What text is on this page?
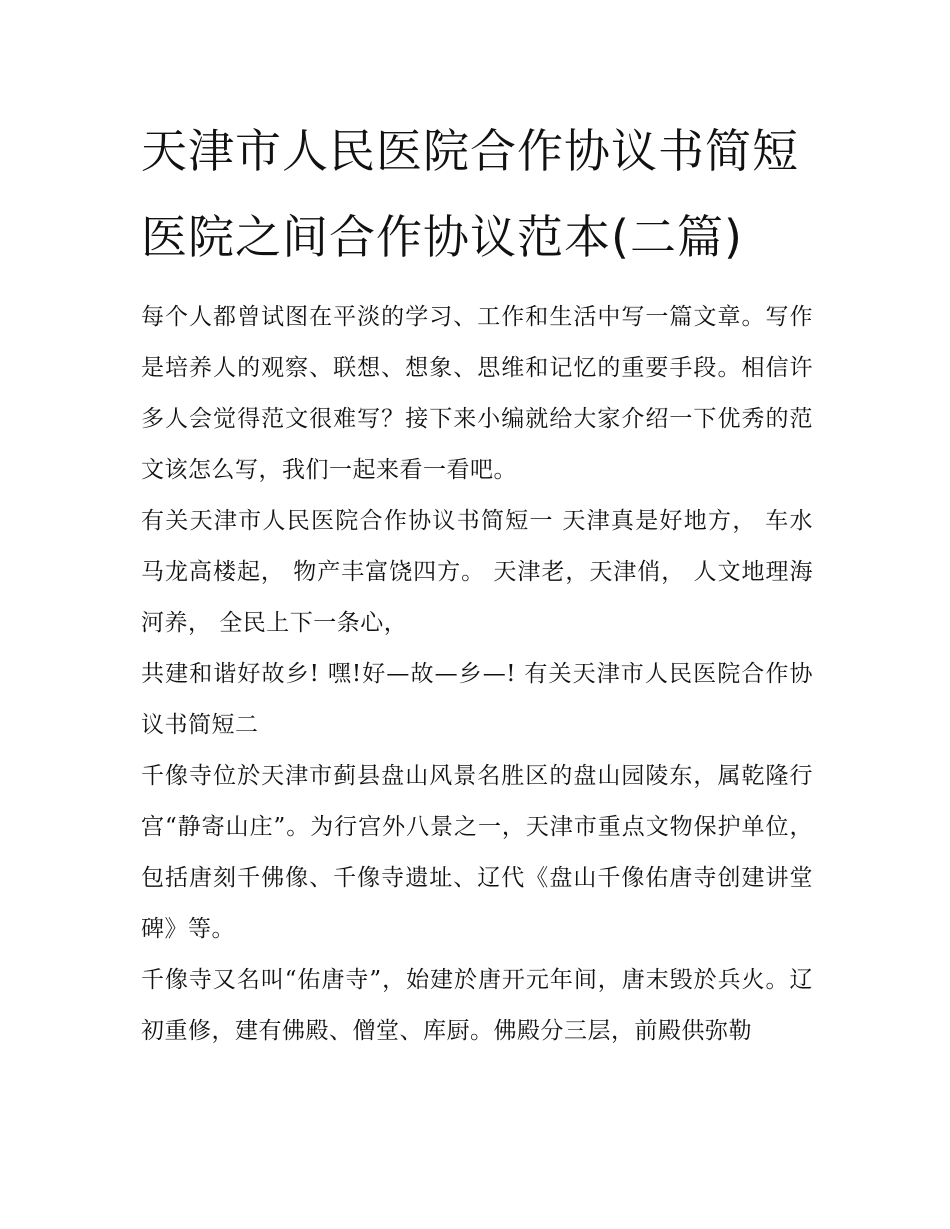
天津市人民医院合作协议书简短 医院之间合作协议范本(二篇)

每个人都曾试图在平淡的学习、工作和生活中写一篇文章。写作是培养人的观察、联想、想象、思维和记忆的重要手段。相信许多人会觉得范文很难写？接下来小编就给大家介绍一下优秀的范文该怎么写，我们一起来看一看吧。

有关天津市人民医院合作协议书简短一 天津真是好地方， 车水马龙高楼起， 物产丰富饶四方。 天津老，天津俏， 人文地理海河养， 全民上下一条心，

共建和谐好故乡! 嘿!好—故—乡—! 有关天津市人民医院合作协议书简短二

千像寺位於天津市蓟县盘山风景名胜区的盘山园陵东，属乾隆行宫“静寄山庄”。为行宫外八景之一，天津市重点文物保护单位，包括唐刻千佛像、千像寺遗址、辽代《盘山千像佑唐寺创建讲堂碑》等。

千像寺又名叫“佑唐寺”，始建於唐开元年间，唐末毁於兵火。辽初重修，建有佛殿、僧堂、库厨。佛殿分三层，前殿供弥勒
